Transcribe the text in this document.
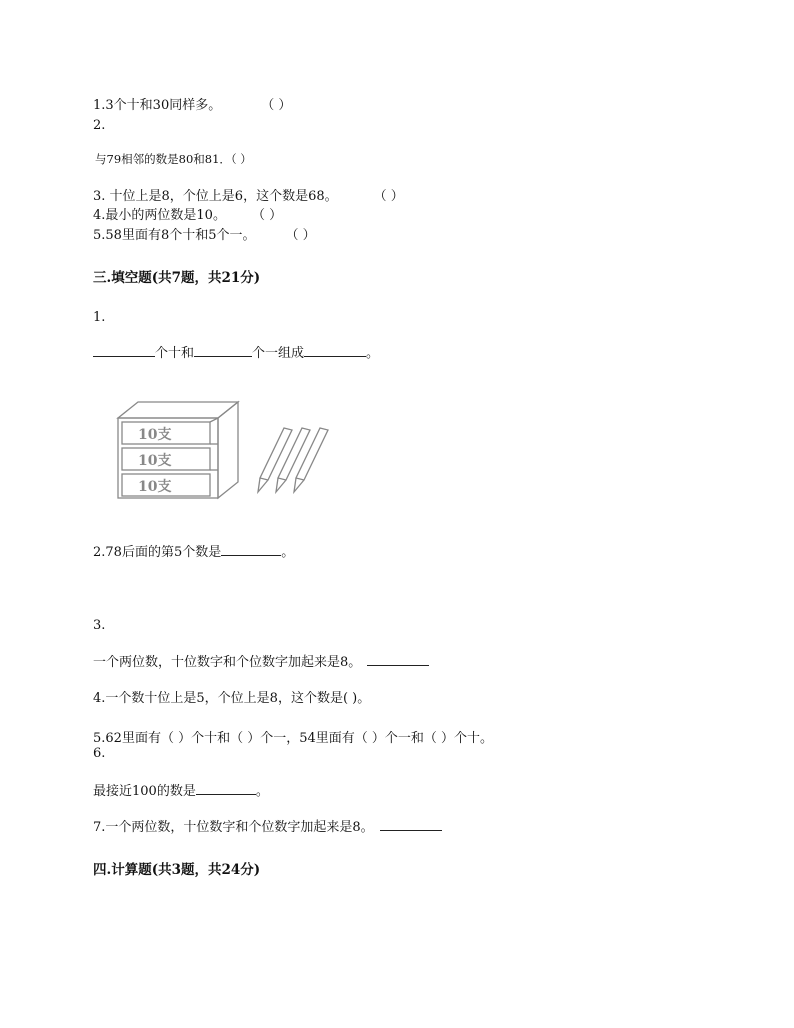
1.3个十和30同样多。	（ ）
2.
与79相邻的数是80和81．（ ）
3. 十位上是8，个位上是6，这个数是68。	（ ）
4.最小的两位数是10。 （ ）
5.58里面有8个十和5个一。 （ ）
三.填空题(共7题，共21分)
1.
个十和	个一组成	。
10支
10支
10支
2.78后面的第5个数是	。
3.
一个两位数，十位数字和个位数字加起来是8。
4.一个数十位上是5，个位上是8，这个数是( )。
5.62里面有（ ）个十和（ ）个一，54里面有（ ）个一和（ ）个十。
6.
最接近100的数是	。
7.一个两位数，十位数字和个位数字加起来是8。
四.计算题(共3题，共24分)
